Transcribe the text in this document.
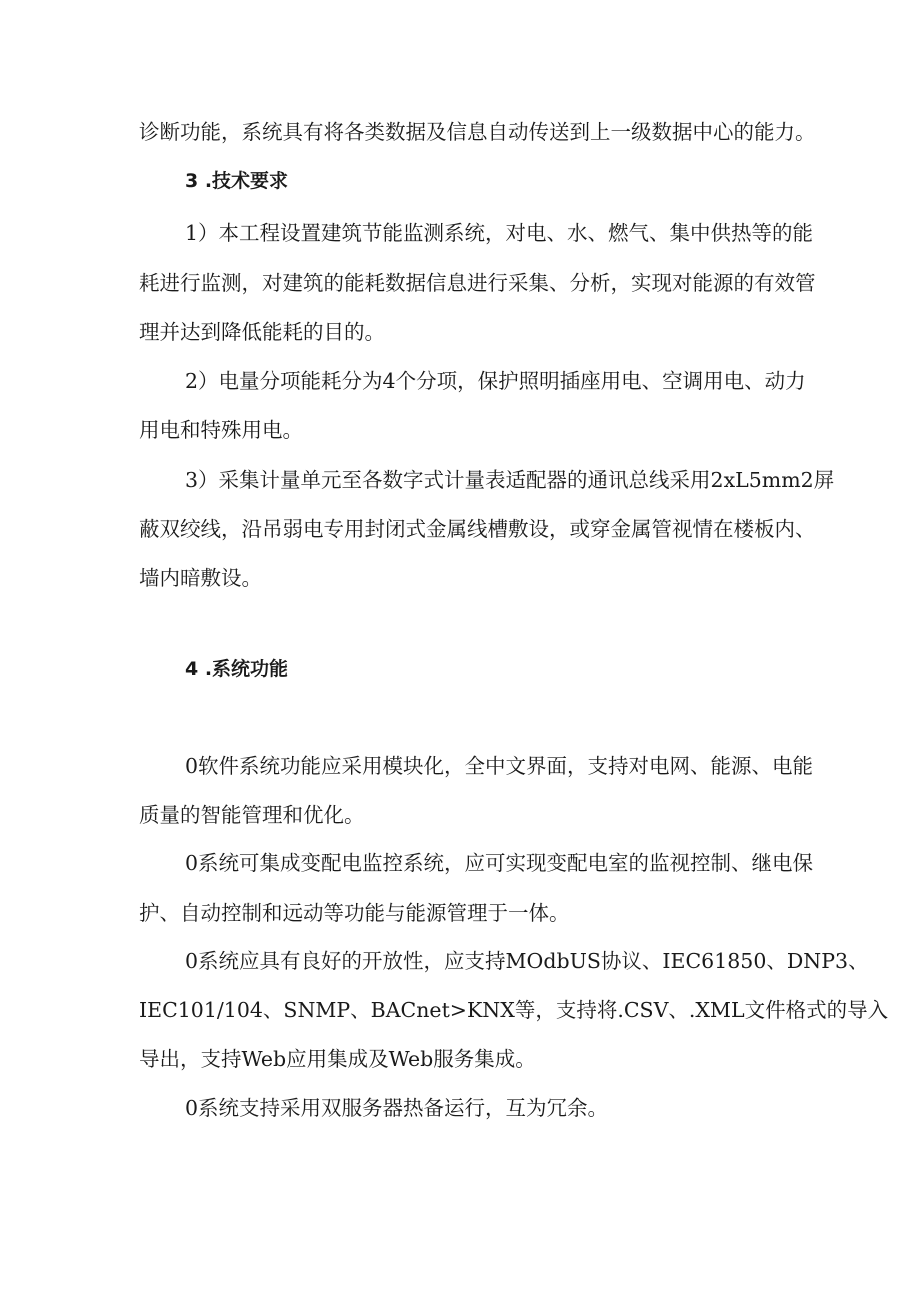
诊断功能，系统具有将各类数据及信息自动传送到上一级数据中心的能力。
3 .技术要求
1）本工程设置建筑节能监测系统，对电、水、燃气、集中供热等的能
耗进行监测，对建筑的能耗数据信息进行采集、分析，实现对能源的有效管
理并达到降低能耗的目的。
2）电量分项能耗分为4个分项，保护照明插座用电、空调用电、动力
用电和特殊用电。
3）采集计量单元至各数字式计量表适配器的通讯总线采用2xL5mm2屏
蔽双绞线，沿吊弱电专用封闭式金属线槽敷设，或穿金属管视情在楼板内、
墙内暗敷设。
4 .系统功能
0软件系统功能应采用模块化，全中文界面，支持对电网、能源、电能
质量的智能管理和优化。
0系统可集成变配电监控系统，应可实现变配电室的监视控制、继电保
护、自动控制和远动等功能与能源管理于一体。
0系统应具有良好的开放性，应支持MOdbUS协议、IEC61850、DNP3、
IEC101/104、SNMP、BACnet>KNX等，支持将.CSV、.XML文件格式的导入
导出，支持Web应用集成及Web服务集成。
0系统支持采用双服务器热备运行，互为冗余。
